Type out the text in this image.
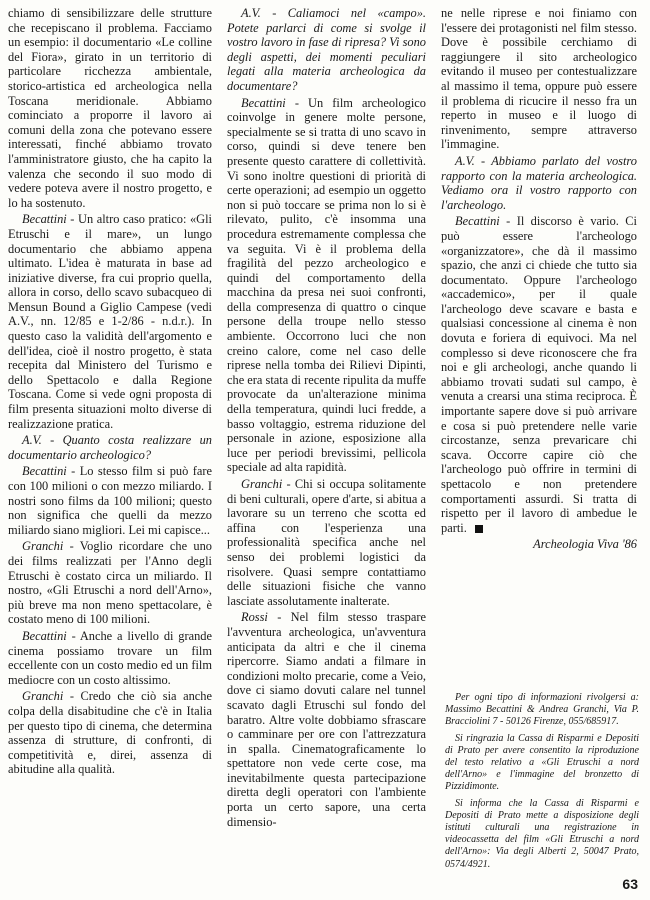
chiamo di sensibilizzare delle strutture che recepiscano il problema. Facciamo un esempio: il documentario «Le colline del Fiora», girato in un territorio di particolare ricchezza ambientale, storico-artistica ed archeologica nella Toscana meridionale. Abbiamo cominciato a proporre il lavoro ai comuni della zona che potevano essere interessati, finché abbiamo trovato l'amministratore giusto, che ha capito la valenza che secondo il suo modo di vedere poteva avere il nostro progetto, e lo ha sostenuto.

Becattini - Un altro caso pratico: «Gli Etruschi e il mare», un lungo documentario che abbiamo appena ultimato. L'idea è maturata in base ad iniziative diverse, fra cui proprio quella, allora in corso, dello scavo subacqueo di Mensun Bound a Giglio Campese (vedi A.V., nn. 12/85 e 1-2/86 - n.d.r.). In questo caso la validità dell'argomento e dell'idea, cioè il nostro progetto, è stata recepita dal Ministero del Turismo e dello Spettacolo e dalla Regione Toscana. Come si vede ogni proposta di film presenta situazioni molto diverse di realizzazione pratica.

A.V. - Quanto costa realizzare un documentario archeologico?

Becattini - Lo stesso film si può fare con 100 milioni o con mezzo miliardo. I nostri sono films da 100 milioni; questo non significa che quelli da mezzo miliardo siano migliori. Lei mi capisce...

Granchi - Voglio ricordare che uno dei films realizzati per l'Anno degli Etruschi è costato circa un miliardo. Il nostro, «Gli Etruschi a nord dell'Arno», più breve ma non meno spettacolare, è costato meno di 100 milioni.

Becattini - Anche a livello di grande cinema possiamo trovare un film eccellente con un costo medio ed un film mediocre con un costo altissimo.

Granchi - Credo che ciò sia anche colpa della disabitudine che c'è in Italia per questo tipo di cinema, che determina assenza di strutture, di confronti, di competitività e, direi, assenza di abitudine alla qualità.

A.V. - Caliamoci nel «campo». Potete parlarci di come si svolge il vostro lavoro in fase di ripresa? Vi sono degli aspetti, dei momenti peculiari legati alla materia archeologica da documentare?

Becattini - Un film archeologico coinvolge in genere molte persone, specialmente se si tratta di uno scavo in corso, quindi si deve tenere ben presente questo carattere di collettività. Vi sono inoltre questioni di priorità di certe operazioni; ad esempio un oggetto non si può toccare se prima non lo si è rilevato, pulito, c'è insomma una procedura estremamente complessa che va seguita. Vi è il problema della fragilità del pezzo archeologico e quindi del comportamento della macchina da presa nei suoi confronti, della compresenza di quattro o cinque persone della troupe nello stesso ambiente. Occorrono luci che non creino calore, come nel caso delle riprese nella tomba dei Rilievi Dipinti, che era stata di recente ripulita da muffe provocate da un'alterazione minima della temperatura, quindi luci fredde, a basso voltaggio, estrema riduzione del personale in azione, esposizione alla luce per periodi brevissimi, pellicola speciale ad alta rapidità.

Granchi - Chi si occupa solitamente di beni culturali, opere d'arte, si abitua a lavorare su un terreno che scotta ed affina con l'esperienza una professionalità specifica anche nel senso dei problemi logistici da risolvere. Quasi sempre contattiamo delle situazioni fisiche che vanno lasciate assolutamente inalterate.

Rossi - Nel film stesso traspare l'avventura archeologica, un'avventura anticipata da altri e che il cinema ripercorre. Siamo andati a filmare in condizioni molto precarie, come a Veio, dove ci siamo dovuti calare nel tunnel scavato dagli Etruschi sul fondo del baratro. Altre volte dobbiamo sfrascare o camminare per ore con l'attrezzatura in spalla. Cinematograficamente lo spettatore non vede certe cose, ma inevitabilmente questa partecipazione diretta degli operatori con l'ambiente porta un certo sapore, una certa dimensio-

ne nelle riprese e noi finiamo con l'essere dei protagonisti nel film stesso. Dove è possibile cerchiamo di raggiungere il sito archeologico evitando il museo per contestualizzare al massimo il tema, oppure può essere il problema di ricucire il nesso fra un reperto in museo e il luogo di rinvenimento, sempre attraverso l'immagine.

A.V. - Abbiamo parlato del vostro rapporto con la materia archeologica. Vediamo ora il vostro rapporto con l'archeologo.

Becattini - Il discorso è vario. Ci può essere l'archeologo «organizzatore», che dà il massimo spazio, che anzi ci chiede che tutto sia documentato. Oppure l'archeologo «accademico», per il quale l'archeologo deve scavare e basta e qualsiasi concessione al cinema è non dovuta e foriera di equivoci. Ma nel complesso si deve riconoscere che fra noi e gli archeologi, anche quando li abbiamo trovati sudati sul campo, è venuta a crearsi una stima reciproca. È importante sapere dove si può arrivare e cosa si può pretendere nelle varie circostanze, senza prevaricare chi scava. Occorre capire ciò che l'archeologo può offrire in termini di spettacolo e non pretendere comportamenti assurdi. Si tratta di rispetto per il lavoro di ambedue le parti.

Archeologia Viva '86

Per ogni tipo di informazioni rivolgersi a: Massimo Becattini & Andrea Granchi, Via P. Bracciolini 7 - 50126 Firenze, 055/685917.

Si ringrazia la Cassa di Risparmi e Depositi di Prato per avere consentito la riproduzione del testo relativo a «Gli Etruschi a nord dell'Arno» e l'immagine del bronzetto di Pizzidimonte.

Si informa che la Cassa di Risparmi e Depositi di Prato mette a disposizione degli istituti culturali una registrazione in videocassetta del film «Gli Etruschi a nord dell'Arno»: Via degli Alberti 2, 50047 Prato, 0574/4921.

63
